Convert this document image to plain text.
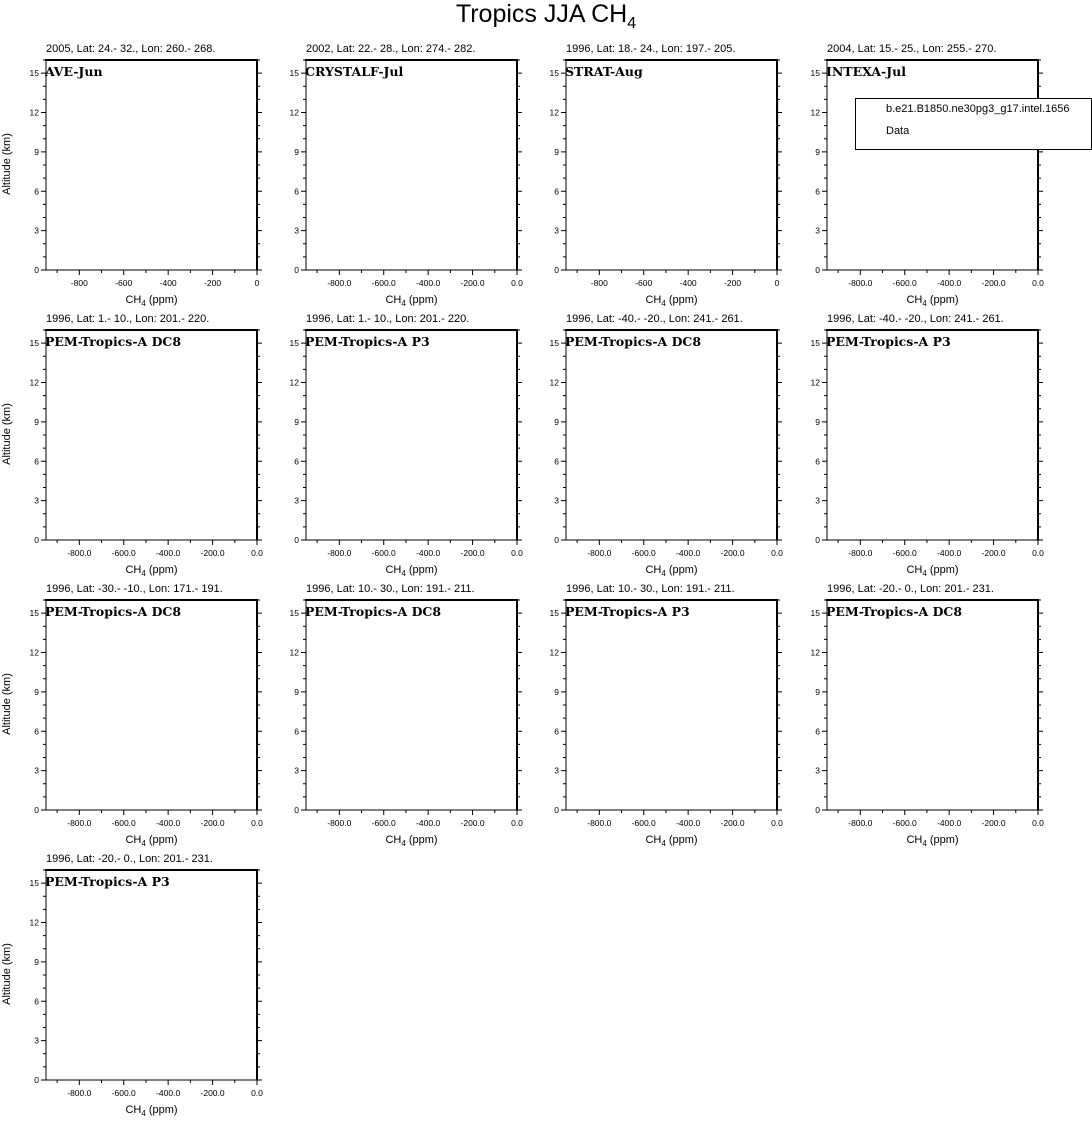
Tropics JJA $CH_4$
0
3
6
9
12
15
-800	-600	-400	-200	0
0
3
6
9
12
15
-800.0 -600.0 -400.0 -200.0	0.0
0
3
6
9
12
15
-800	-600	-400	-200	0
0
3
6
9
12
15
-800.0 -600.0 -400.0 -200.0	0.0
0
3
6
9
12
15
-800.0 -600.0 -400.0 -200.0	0.0
0
3
6
9
12
15
-800.0 -600.0 -400.0 -200.0	0.0
0
3
6
9
12
15
-800.0 -600.0 -400.0 -200.0	0.0
0
3
6
9
12
15
-800.0 -600.0 -400.0 -200.0	0.0
0
3
6
9
12
15
-800.0 -600.0 -400.0 -200.0	0.0
0
3
6
9
12
15
-800.0 -600.0 -400.0 -200.0	0.0
0
3
6
9
12
15
-800.0 -600.0 -400.0 -200.0	0.0
0
3
6
9
12
15
-800.0 -600.0 -400.0 -200.0	0.0
0
3
6
9
12
15
-800.0 -600.0 -400.0 -200.0	0.0
2005, Lat: 24.- 32., Lon: 260.- 268.
AVE-Jun
$CH_4$ (ppm)
Altitude (km)
2002, Lat: 22.- 28., Lon: 274.- 282.
CRYSTALF-Jul
$CH_4$ (ppm)
1996, Lat: 18.- 24., Lon: 197.- 205.
STRAT-Aug
$CH_4$ (ppm)
2004, Lat: 15.- 25., Lon: 255.- 270.
INTEXA-Jul
$CH_4$ (ppm)
b.e21.B1850.ne30pg3_g17.intel.1656
Data
1996, Lat: 1.- 10., Lon: 201.- 220.
PEM-Tropics-A DC8
$CH_4$ (ppm)
Altitude (km)
1996, Lat: 1.- 10., Lon: 201.- 220.
PEM-Tropics-A P3
$CH_4$ (ppm)
1996, Lat: -40.- -20., Lon: 241.- 261.
PEM-Tropics-A DC8
$CH_4$ (ppm)
1996, Lat: -40.- -20., Lon: 241.- 261.
PEM-Tropics-A P3
$CH_4$ (ppm)
1996, Lat: -30.- -10., Lon: 171.- 191.
PEM-Tropics-A DC8
$CH_4$ (ppm)
Altitude (km)
1996, Lat: 10.- 30., Lon: 191.- 211.
PEM-Tropics-A DC8
$CH_4$ (ppm)
1996, Lat: 10.- 30., Lon: 191.- 211.
PEM-Tropics-A P3
$CH_4$ (ppm)
1996, Lat: -20.- 0., Lon: 201.- 231.
PEM-Tropics-A DC8
$CH_4$ (ppm)
1996, Lat: -20.- 0., Lon: 201.- 231.
PEM-Tropics-A P3
$CH_4$ (ppm)
Altitude (km)
